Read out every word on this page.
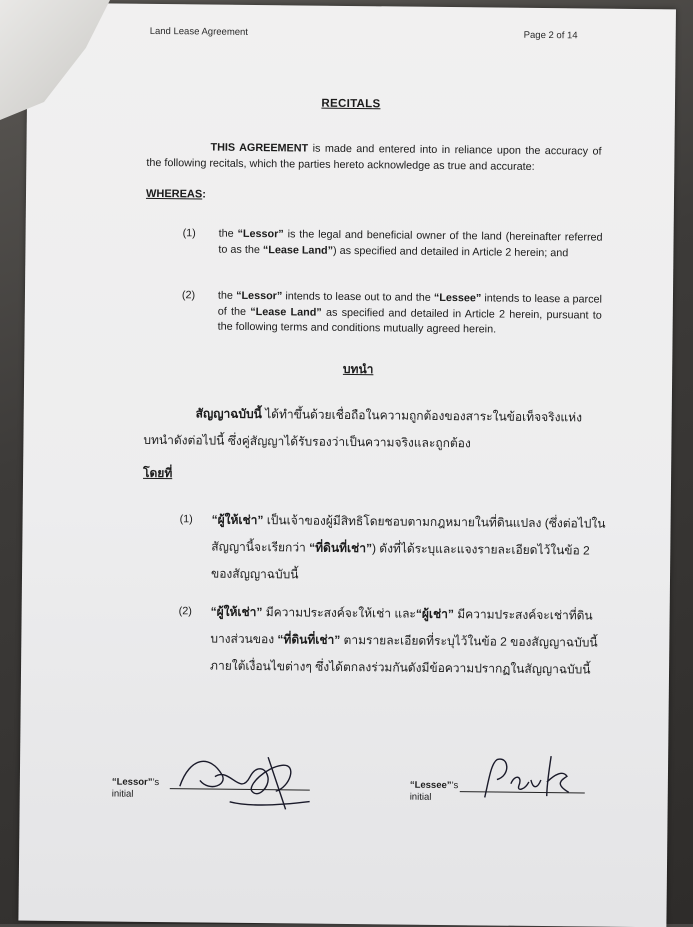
Land Lease Agreement	Page 2 of 14
RECITALS
THIS AGREEMENT is made and entered into in reliance upon the accuracy of the following recitals, which the parties hereto acknowledge as true and accurate:
WHEREAS:
(1) the “Lessor” is the legal and beneficial owner of the land (hereinafter referred to as the “Lease Land”) as specified and detailed in Article 2 herein; and
(2) the “Lessor” intends to lease out to and the “Lessee” intends to lease a parcel of the “Lease Land” as specified and detailed in Article 2 herein, pursuant to the following terms and conditions mutually agreed herein.
บทนำ
สัญญาฉบับนี้ ได้ทำขึ้นด้วยเชื่อถือในความถูกต้องของสาระในข้อเท็จจริงแห่งบทนำดังต่อไปนี้ ซึ่งคู่สัญญาได้รับรองว่าเป็นความจริงและถูกต้อง
โดยที่
(1) “ผู้ให้เช่า” เป็นเจ้าของผู้มีสิทธิโดยชอบตามกฎหมายในที่ดินแปลง (ซึ่งต่อไปในสัญญานี้จะเรียกว่า “ที่ดินที่เช่า”) ดังที่ได้ระบุและแจงรายละเอียดไว้ในข้อ 2 ของสัญญาฉบับนี้
(2) “ผู้ให้เช่า” มีความประสงค์จะให้เช่า และ“ผู้เช่า” มีความประสงค์จะเช่าที่ดินบางส่วนของ “ที่ดินที่เช่า” ตามรายละเอียดที่ระบุไว้ในข้อ 2 ของสัญญาฉบับนี้ ภายใต้เงื่อนไขต่างๆ ซึ่งได้ตกลงร่วมกันดังมีข้อความปรากฏในสัญญาฉบับนี้
“Lessor”’s
initial
“Lessee”’s
initial
